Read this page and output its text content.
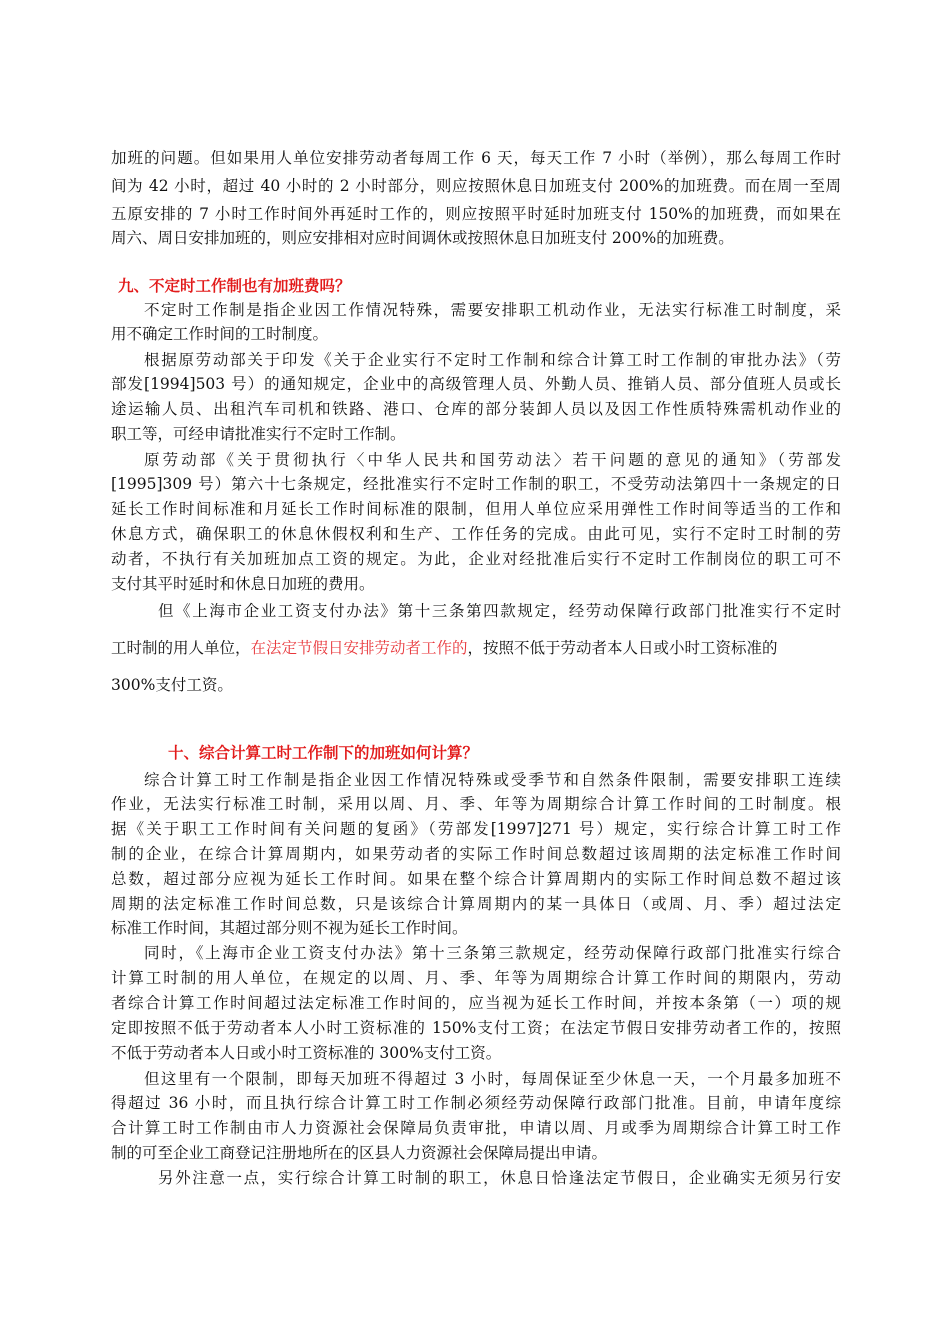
加班的问题。但如果用人单位安排劳动者每周工作 6 天，每天工作 7 小时（举例），那么每周工作时
间为 42 小时，超过 40 小时的 2 小时部分，则应按照休息日加班支付 200%的加班费。而在周一至周
五原安排的 7 小时工作时间外再延时工作的，则应按照平时延时加班支付 150%的加班费，而如果在
周六、周日安排加班的，则应安排相对应时间调休或按照休息日加班支付 200%的加班费。
九、不定时工作制也有加班费吗？
不定时工作制是指企业因工作情况特殊，需要安排职工机动作业，无法实行标准工时制度，采
用不确定工作时间的工时制度。
根据原劳动部关于印发《关于企业实行不定时工作制和综合计算工时工作制的审批办法》（劳
部发[1994]503 号）的通知规定，企业中的高级管理人员、外勤人员、推销人员、部分值班人员或长
途运输人员、出租汽车司机和铁路、港口、仓库的部分装卸人员以及因工作性质特殊需机动作业的
职工等，可经申请批准实行不定时工作制。
原劳动部《关于贯彻执行〈中华人民共和国劳动法〉若干问题的意见的通知》（劳部发
[1995]309 号）第六十七条规定，经批准实行不定时工作制的职工，不受劳动法第四十一条规定的日
延长工作时间标准和月延长工作时间标准的限制，但用人单位应采用弹性工作时间等适当的工作和
休息方式，确保职工的休息休假权利和生产、工作任务的完成。由此可见，实行不定时工时制的劳
动者，不执行有关加班加点工资的规定。为此，企业对经批准后实行不定时工作制岗位的职工可不
支付其平时延时和休息日加班的费用。
但《上海市企业工资支付办法》第十三条第四款规定，经劳动保障行政部门批准实行不定时
工时制的用人单位，在法定节假日安排劳动者工作的，按照不低于劳动者本人日或小时工资标准的
300%支付工资。
十、综合计算工时工作制下的加班如何计算？
综合计算工时工作制是指企业因工作情况特殊或受季节和自然条件限制，需要安排职工连续
作业，无法实行标准工时制，采用以周、月、季、年等为周期综合计算工作时间的工时制度。根
据《关于职工工作时间有关问题的复函》（劳部发[1997]271 号）规定，实行综合计算工时工作
制的企业，在综合计算周期内，如果劳动者的实际工作时间总数超过该周期的法定标准工作时间
总数，超过部分应视为延长工作时间。如果在整个综合计算周期内的实际工作时间总数不超过该
周期的法定标准工作时间总数，只是该综合计算周期内的某一具体日（或周、月、季）超过法定
标准工作时间，其超过部分则不视为延长工作时间。
同时，《上海市企业工资支付办法》第十三条第三款规定，经劳动保障行政部门批准实行综合
计算工时制的用人单位，在规定的以周、月、季、年等为周期综合计算工作时间的期限内，劳动
者综合计算工作时间超过法定标准工作时间的，应当视为延长工作时间，并按本条第（一）项的规
定即按照不低于劳动者本人小时工资标准的 150%支付工资；在法定节假日安排劳动者工作的，按照
不低于劳动者本人日或小时工资标准的 300%支付工资。
但这里有一个限制，即每天加班不得超过 3 小时，每周保证至少休息一天，一个月最多加班不
得超过 36 小时，而且执行综合计算工时工作制必须经劳动保障行政部门批准。目前，申请年度综
合计算工时工作制由市人力资源社会保障局负责审批，申请以周、月或季为周期综合计算工时工作
制的可至企业工商登记注册地所在的区县人力资源社会保障局提出申请。
另外注意一点，实行综合计算工时制的职工，休息日恰逢法定节假日，企业确实无须另行安
